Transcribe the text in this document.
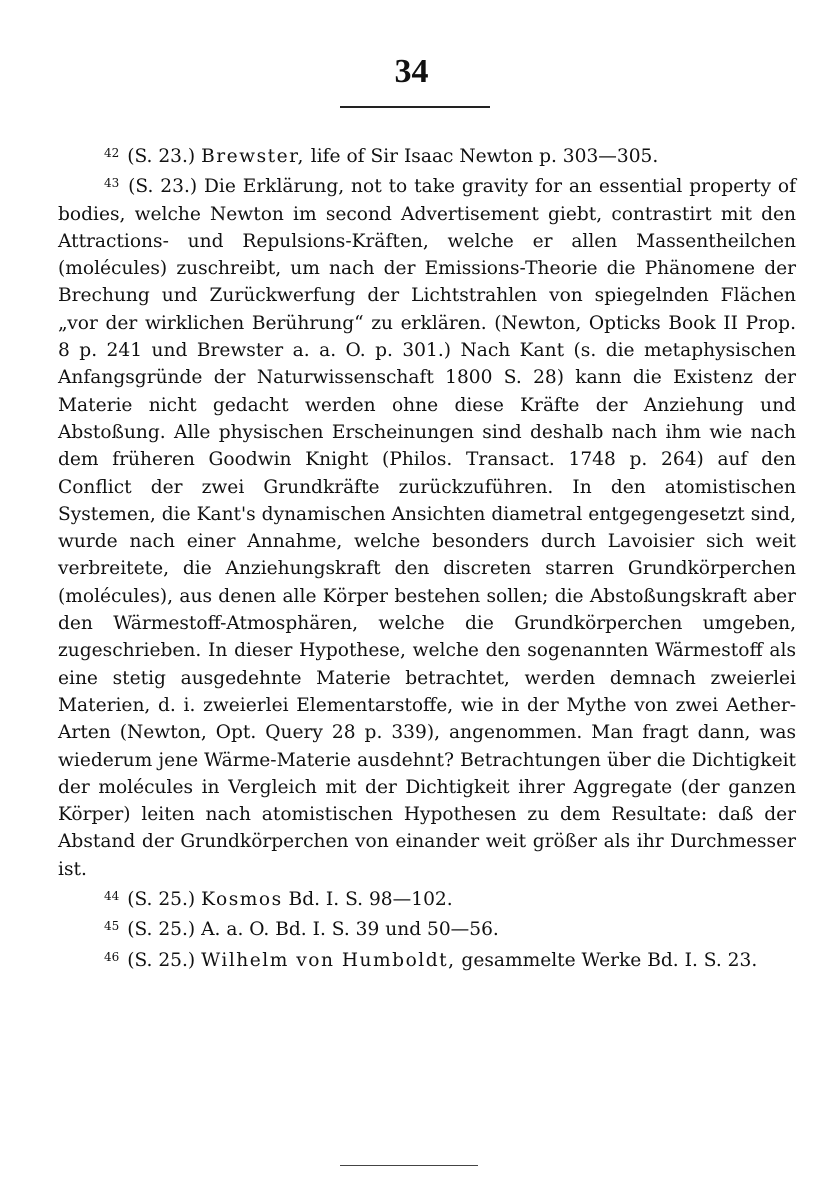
34

$^{42}$ (S. 23.) Brewster, life of Sir Isaac Newton p. 303—305.

$^{43}$ (S. 23.) Die Erklärung, not to take gravity for an essential property of bodies, welche Newton im second Advertisement giebt, contrastirt mit den Attractions- und Repulsions-Kräften, welche er allen Massentheilchen (molécules) zuschreibt, um nach der Emissions-Theorie die Phänomene der Brechung und Zurückwerfung der Lichtstrahlen von spiegelnden Flächen „vor der wirklichen Berührung“ zu erklären. (Newton, Opticks Book II Prop. 8 p. 241 und Brewster a. a. O. p. 301.) Nach Kant (s. die metaphysischen Anfangsgründe der Naturwissenschaft 1800 S. 28) kann die Existenz der Materie nicht gedacht werden ohne diese Kräfte der Anziehung und Abstoßung. Alle physischen Erscheinungen sind deshalb nach ihm wie nach dem früheren Goodwin Knight (Philos. Transact. 1748 p. 264) auf den Conflict der zwei Grundkräfte zurückzuführen. In den atomistischen Systemen, die Kant's dynamischen Ansichten diametral entgegengesetzt sind, wurde nach einer Annahme, welche besonders durch Lavoisier sich weit verbreitete, die Anziehungskraft den discreten starren Grundkörperchen (molécules), aus denen alle Körper bestehen sollen; die Abstoßungskraft aber den Wärmestoff-Atmosphären, welche die Grundkörperchen umgeben, zugeschrieben. In dieser Hypothese, welche den sogenannten Wärmestoff als eine stetig ausgedehnte Materie betrachtet, werden demnach zweierlei Materien, d. i. zweierlei Elementarstoffe, wie in der Mythe von zwei Aether-Arten (Newton, Opt. Query 28 p. 339), angenommen. Man fragt dann, was wiederum jene Wärme-Materie ausdehnt? Betrachtungen über die Dichtigkeit der molécules in Vergleich mit der Dichtigkeit ihrer Aggregate (der ganzen Körper) leiten nach atomistischen Hypothesen zu dem Resultate: daß der Abstand der Grundkörperchen von einander weit größer als ihr Durchmesser ist.

$^{44}$ (S. 25.) Kosmos Bd. I. S. 98—102.

$^{45}$ (S. 25.) A. a. O. Bd. I. S. 39 und 50—56.

$^{46}$ (S. 25.) Wilhelm von Humboldt, gesammelte Werke Bd. I. S. 23.
